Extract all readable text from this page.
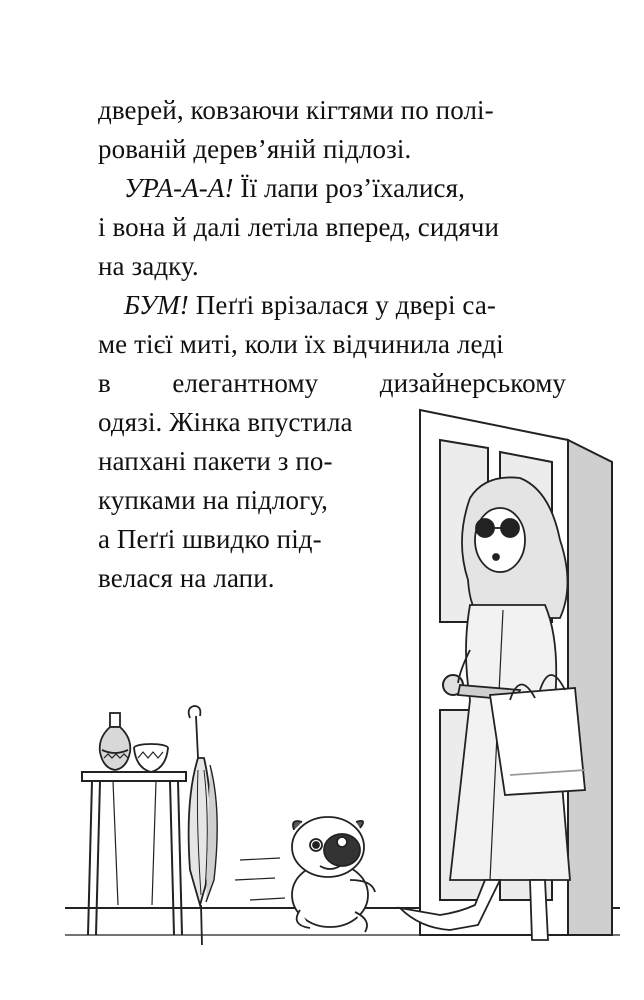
дверей, ковзаючи кігтями по полі-
рованій дерев’яній підлозі.
УРА-А-А! Її лапи роз’їхалися,
і вона й далі летіла вперед, сидячи
на задку.
БУМ! Пеґґі врізалася у двері са-
ме тієї миті, коли їх відчинила леді
в елегантному дизайнерському
одязі. Жінка впустила
напхані пакети з по-
купками на підлогу,
а Пеґґі швидко під-
велася на лапи.
